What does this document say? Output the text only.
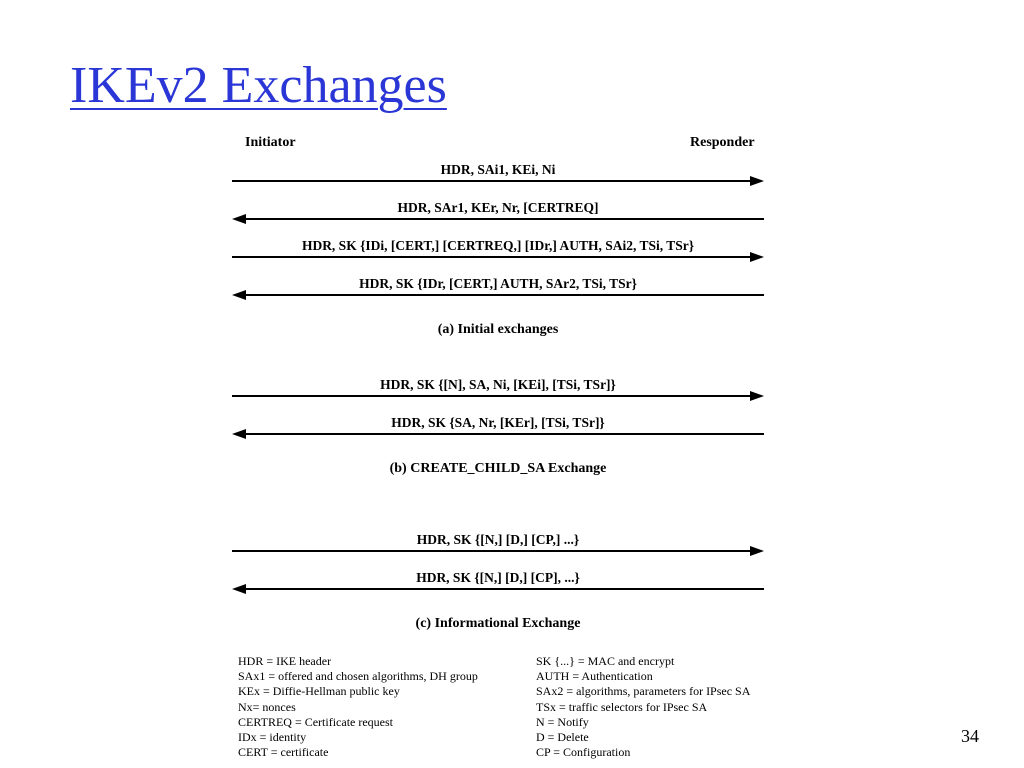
IKEv2 Exchanges
Initiator	Responder
HDR, SAi1, KEi, Ni
HDR, SAr1, KEr, Nr, [CERTREQ]
HDR, SK {IDi, [CERT,] [CERTREQ,] [IDr,] AUTH, SAi2, TSi, TSr}
HDR, SK {IDr, [CERT,] AUTH, SAr2, TSi, TSr}
(a) Initial exchanges
HDR, SK {[N], SA, Ni, [KEi], [TSi, TSr]}
HDR, SK {SA, Nr, [KEr], [TSi, TSr]}
(b) CREATE_CHILD_SA Exchange
HDR, SK {[N,] [D,] [CP,] ...}
HDR, SK {[N,] [D,] [CP], ...}
(c) Informational Exchange
HDR = IKE header
SAx1 = offered and chosen algorithms, DH group
KEx = Diffie-Hellman public key
Nx= nonces
CERTREQ = Certificate request
IDx = identity
CERT = certificate
SK {...} = MAC and encrypt
AUTH = Authentication
SAx2 = algorithms, parameters for IPsec SA
TSx = traffic selectors for IPsec SA
N = Notify
D = Delete
CP = Configuration
34
